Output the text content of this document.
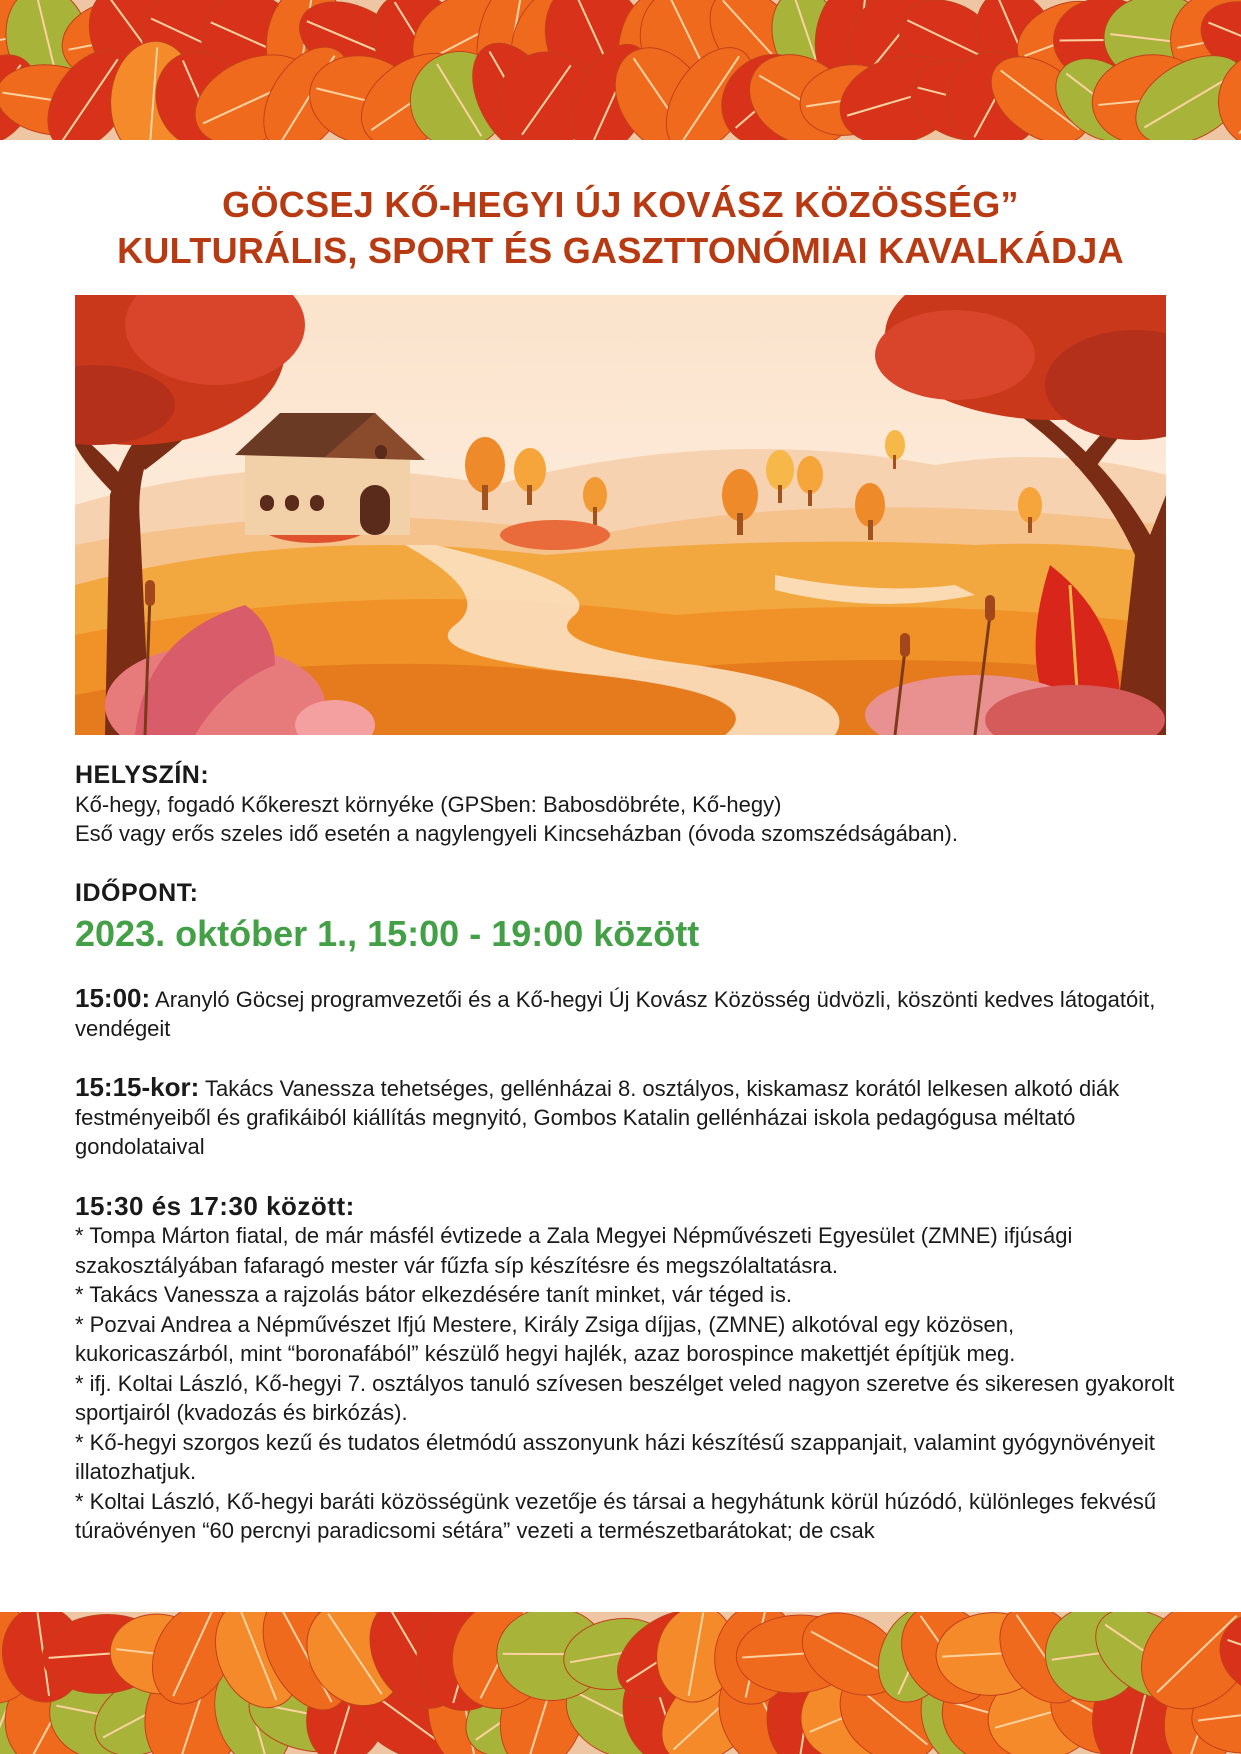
GÖCSEJ KŐ-HEGYI ÚJ KOVÁSZ KÖZÖSSÉG”
KULTURÁLIS, SPORT ÉS GASZTTONÓMIAI KAVALKÁDJA

HELYSZÍN:

Kő-hegy, fogadó Kőkereszt környéke (GPSben: Babosdöbréte, Kő-hegy)

Eső vagy erős szeles idő esetén a nagylengyeli Kincseházban (óvoda szomszédságában).

IDŐPONT:

2023. október 1., 15:00 - 19:00 között

15:00: Aranyló Göcsej programvezetői és a Kő-hegyi Új Kovász Közösség üdvözli, köszönti kedves látogatóit, vendégeit

15:15-kor: Takács Vanessza tehetséges, gellénházai 8. osztályos, kiskamasz korától lelkesen alkotó diák festményeiből és grafikáiból kiállítás megnyitó, Gombos Katalin gellénházai iskola pedagógusa méltató gondolataival

15:30 és 17:30 között:

* Tompa Márton fiatal, de már másfél évtizede a Zala Megyei Népművészeti Egyesület (ZMNE) ifjúsági szakosztályában fafaragó mester vár fűzfa síp készítésre és megszólaltatásra.

* Takács Vanessza a rajzolás bátor elkezdésére tanít minket, vár téged is.

* Pozvai Andrea a Népművészet Ifjú Mestere, Király Zsiga díjjas, (ZMNE) alkotóval egy közösen, kukoricaszárból, mint “boronafából” készülő hegyi hajlék, azaz borospince makettjét építjük meg.

* ifj. Koltai László, Kő-hegyi 7. osztályos tanuló szívesen beszélget veled nagyon szeretve és sikeresen gyakorolt sportjairól (kvadozás és birkózás).

* Kő-hegyi szorgos kezű és tudatos életmódú asszonyunk házi készítésű szappanjait, valamint gyógynövényeit illatozhatjuk.

* Koltai László, Kő-hegyi baráti közösségünk vezetője és társai a hegyhátunk körül húzódó, különleges fekvésű túraövényen “60 percnyi paradicsomi sétára” vezeti a természetbarátokat; de csak
